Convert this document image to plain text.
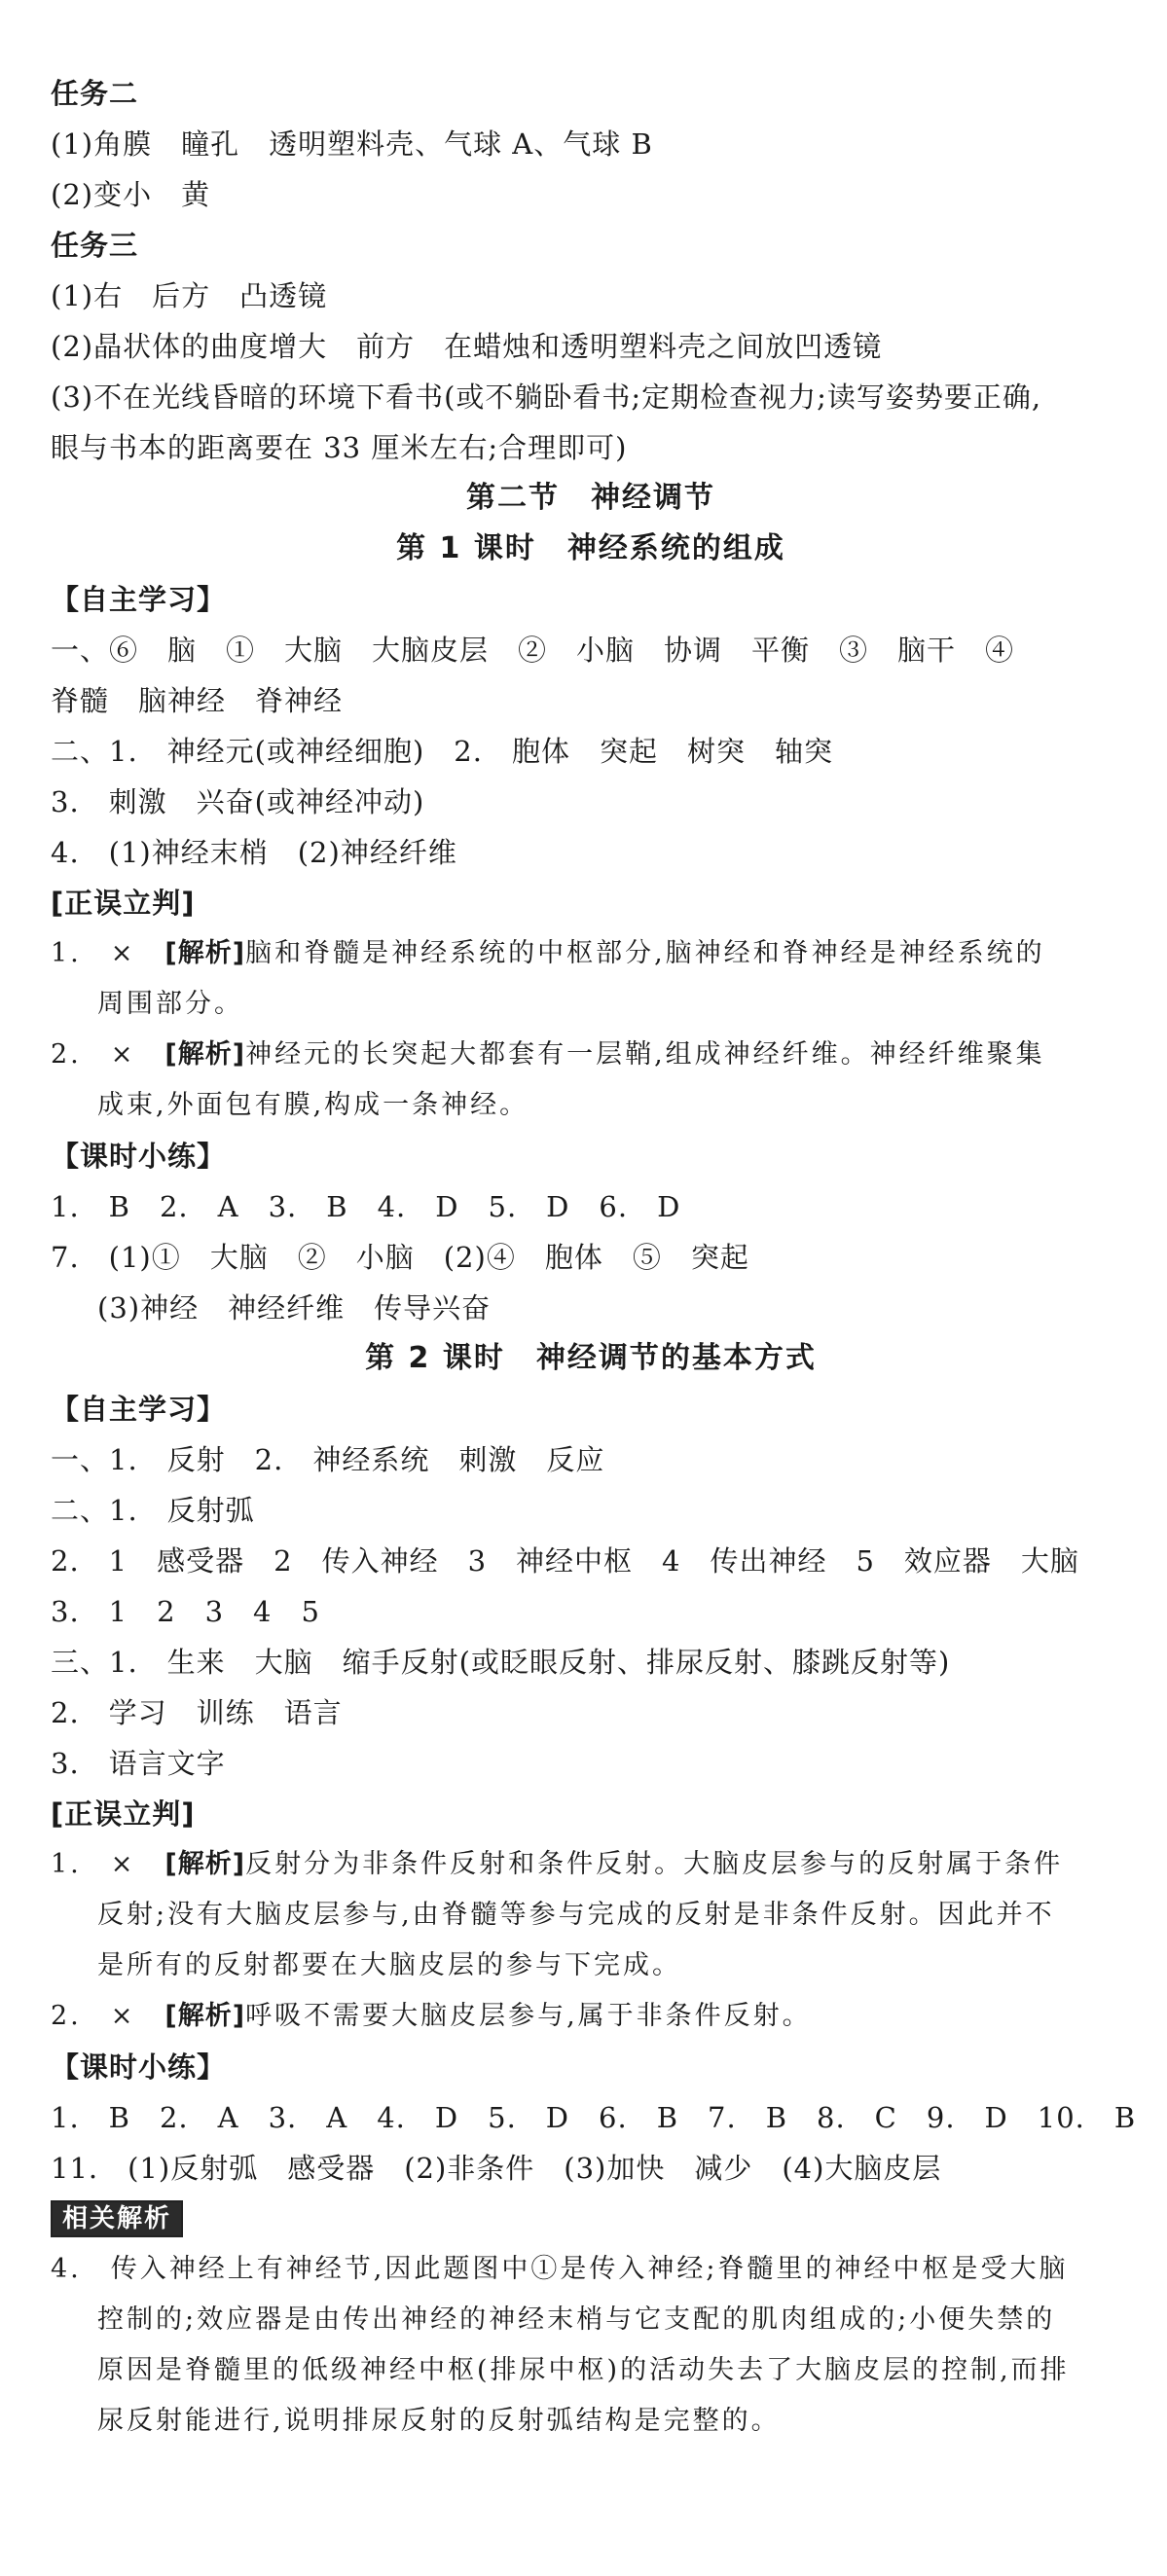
任务二
(1)角膜　瞳孔　透明塑料壳、气球 A、气球 B
(2)变小　黄
任务三
(1)右　后方　凸透镜
(2)晶状体的曲度增大　前方　在蜡烛和透明塑料壳之间放凹透镜
(3)不在光线昏暗的环境下看书(或不躺卧看书;定期检查视力;读写姿势要正确,
眼与书本的距离要在 33 厘米左右;合理即可)
第二节　神经调节
第 1 课时　神经系统的组成
【自主学习】
一、⑥　脑　①　大脑　大脑皮层　②　小脑　协调　平衡　③　脑干　④
脊髓　脑神经　脊神经
二、1.　神经元(或神经细胞)　2.　胞体　突起　树突　轴突
3.　刺激　兴奋(或神经冲动)
4.　(1)神经末梢　(2)神经纤维
[正误立判]
1.　×　[解析]脑和脊髓是神经系统的中枢部分,脑神经和脊神经是神经系统的
周围部分。
2.　×　[解析]神经元的长突起大都套有一层鞘,组成神经纤维。神经纤维聚集
成束,外面包有膜,构成一条神经。
【课时小练】
1.　B　2.　A　3.　B　4.　D　5.　D　6.　D
7.　(1)①　大脑　②　小脑　(2)④　胞体　⑤　突起
(3)神经　神经纤维　传导兴奋
第 2 课时　神经调节的基本方式
【自主学习】
一、1.　反射　2.　神经系统　刺激　反应
二、1.　反射弧
2.　1　感受器　2　传入神经　3　神经中枢　4　传出神经　5　效应器　大脑
3.　1　2　3　4　5
三、1.　生来　大脑　缩手反射(或眨眼反射、排尿反射、膝跳反射等)
2.　学习　训练　语言
3.　语言文字
[正误立判]
1.　×　[解析]反射分为非条件反射和条件反射。大脑皮层参与的反射属于条件
反射;没有大脑皮层参与,由脊髓等参与完成的反射是非条件反射。因此并不
是所有的反射都要在大脑皮层的参与下完成。
2.　×　[解析]呼吸不需要大脑皮层参与,属于非条件反射。
【课时小练】
1.　B　2.　A　3.　A　4.　D　5.　D　6.　B　7.　B　8.　C　9.　D　10.　B
11.　(1)反射弧　感受器　(2)非条件　(3)加快　减少　(4)大脑皮层
相关解析
4.　传入神经上有神经节,因此题图中①是传入神经;脊髓里的神经中枢是受大脑
控制的;效应器是由传出神经的神经末梢与它支配的肌肉组成的;小便失禁的
原因是脊髓里的低级神经中枢(排尿中枢)的活动失去了大脑皮层的控制,而排
尿反射能进行,说明排尿反射的反射弧结构是完整的。
